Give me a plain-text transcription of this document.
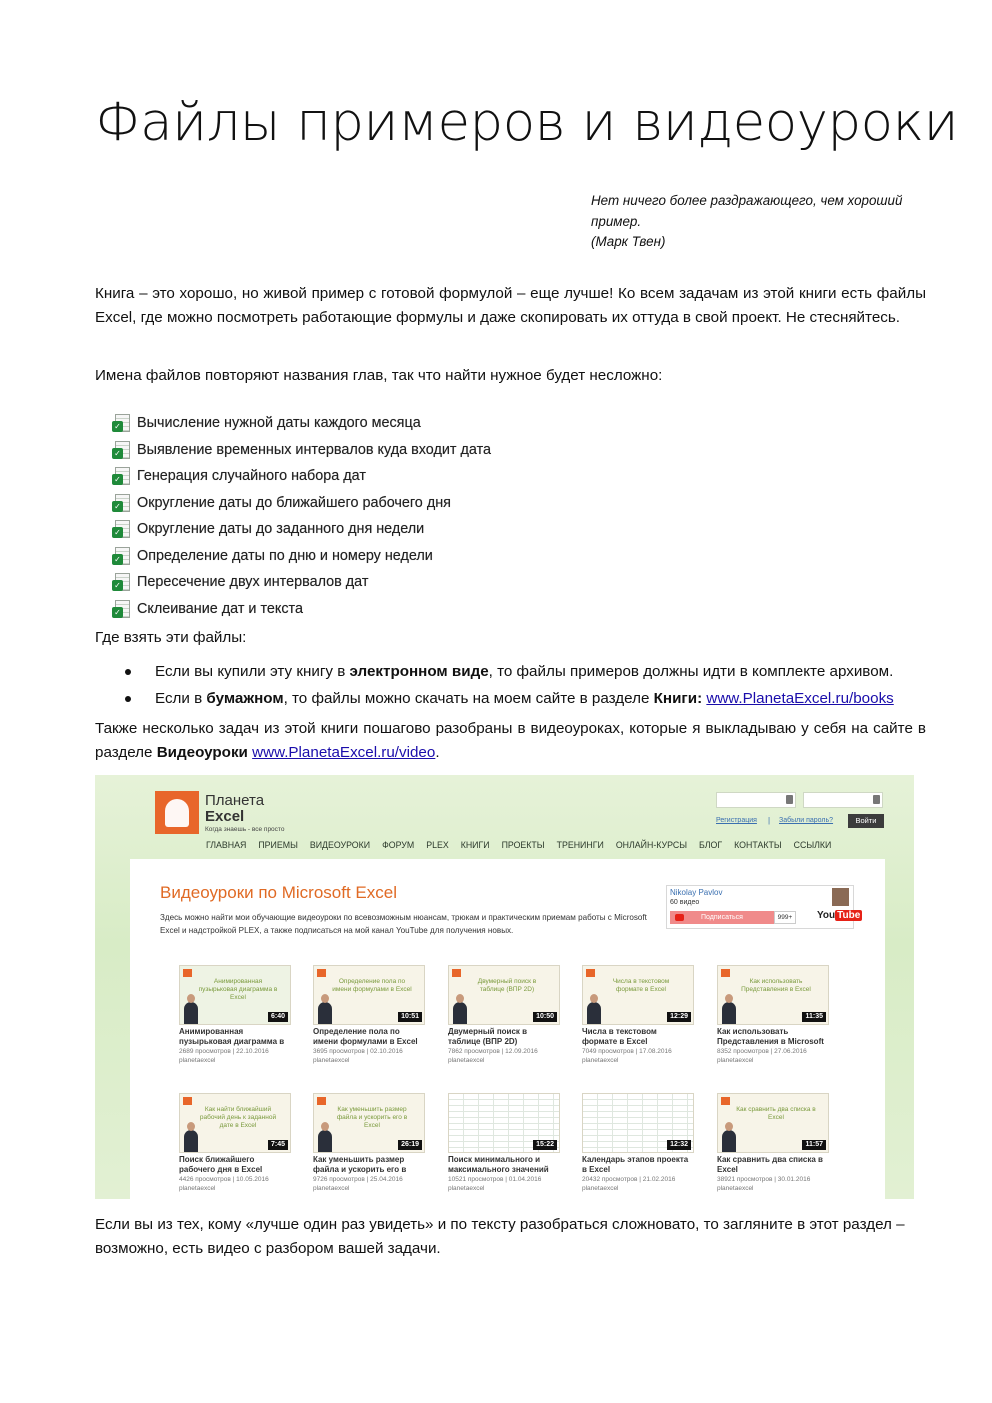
Файлы примеров и видеоуроки
Нет ничего более раздражающего, чем хороший
пример.
(Марк Твен)

Книга – это хорошо, но живой пример с готовой формулой – еще лучше! Ко всем задачам из этой книги есть файлы Excel, где можно посмотреть работающие формулы и даже скопировать их оттуда в свой проект. Не стесняйтесь.

Имена файлов повторяют названия глав, так что найти нужное будет несложно:

✓ Вычисление нужной даты каждого месяца
✓ Выявление временных интервалов куда входит дата
✓ Генерация случайного набора дат
✓ Округление даты до ближайшего рабочего дня
✓ Округление даты до заданного дня недели
✓ Определение даты по дню и номеру недели
✓ Пересечение двух интервалов дат
✓ Склеивание дат и текста

Где взять эти файлы:

Если вы купили эту книгу в электронном виде, то файлы примеров должны идти в комплекте архивом.
Если в бумажном, то файлы можно скачать на моем сайте в разделе Книги: www.PlanetaExcel.ru/books

Также несколько задач из этой книги пошагово разобраны в видеоуроках, которые я выкладываю у себя на сайте в разделе Видеоуроки www.PlanetaExcel.ru/video.

Планета
Excel
Когда знаешь - все просто
Регистрация | Забыли пароль?	Войти
ГЛАВНАЯ ПРИЕМЫ ВИДЕОУРОКИ ФОРУМ PLEX КНИГИ ПРОЕКТЫ ТРЕНИНГИ ОНЛАЙН-КУРСЫ БЛОГ КОНТАКТЫ ССЫЛКИ
Видеоуроки по Microsoft Excel
Здесь можно найти мои обучающие видеоуроки по всевозможным нюансам, трюкам и практическим приемам работы с Microsoft Excel и надстройкой PLEX, а также подписаться на мой канал YouTube для получения новых.
Nikolay Pavlov
60 видео
Подписаться	999+	You Tube
Анимированная пузырьковая диаграмма в Excel
6:40
Анимированная пузырьковая диаграмма в
2689 просмотров | 22.10.2016
planetaexcel
Определение пола по имени формулами в Excel
10:51
Определение пола по имени формулами в Excel
3695 просмотров | 02.10.2016
planetaexcel
Двумерный поиск в таблице (ВПР 2D)
10:50
Двумерный поиск в таблице (ВПР 2D)
7862 просмотров | 12.09.2016
planetaexcel
Числа в текстовом формате в Excel
12:29
Числа в текстовом формате в Excel
7049 просмотров | 17.08.2016
planetaexcel
Как использовать Представления в Excel
11:35
Как использовать Представления в Microsoft
8352 просмотров | 27.06.2016
planetaexcel
Как найти ближайший рабочий день к заданной дате в Excel
7:45
Поиск ближайшего рабочего дня в Excel
4426 просмотров | 10.05.2016
planetaexcel
Как уменьшить размер файла и ускорить его в Excel
26:19
Как уменьшить размер файла и ускорить его в
9726 просмотров | 25.04.2016
planetaexcel
15:22
Поиск минимального и максимального значений
10521 просмотров | 01.04.2016
planetaexcel
12:32
Календарь этапов проекта в Excel
20432 просмотров | 21.02.2016
planetaexcel
Как сравнить два списка в Excel
11:57
Как сравнить два списка в Excel
38921 просмотров | 30.01.2016
planetaexcel

Если вы из тех, кому «лучше один раз увидеть» и по тексту разобраться сложновато, то загляните в этот раздел – возможно, есть видео с разбором вашей задачи.
